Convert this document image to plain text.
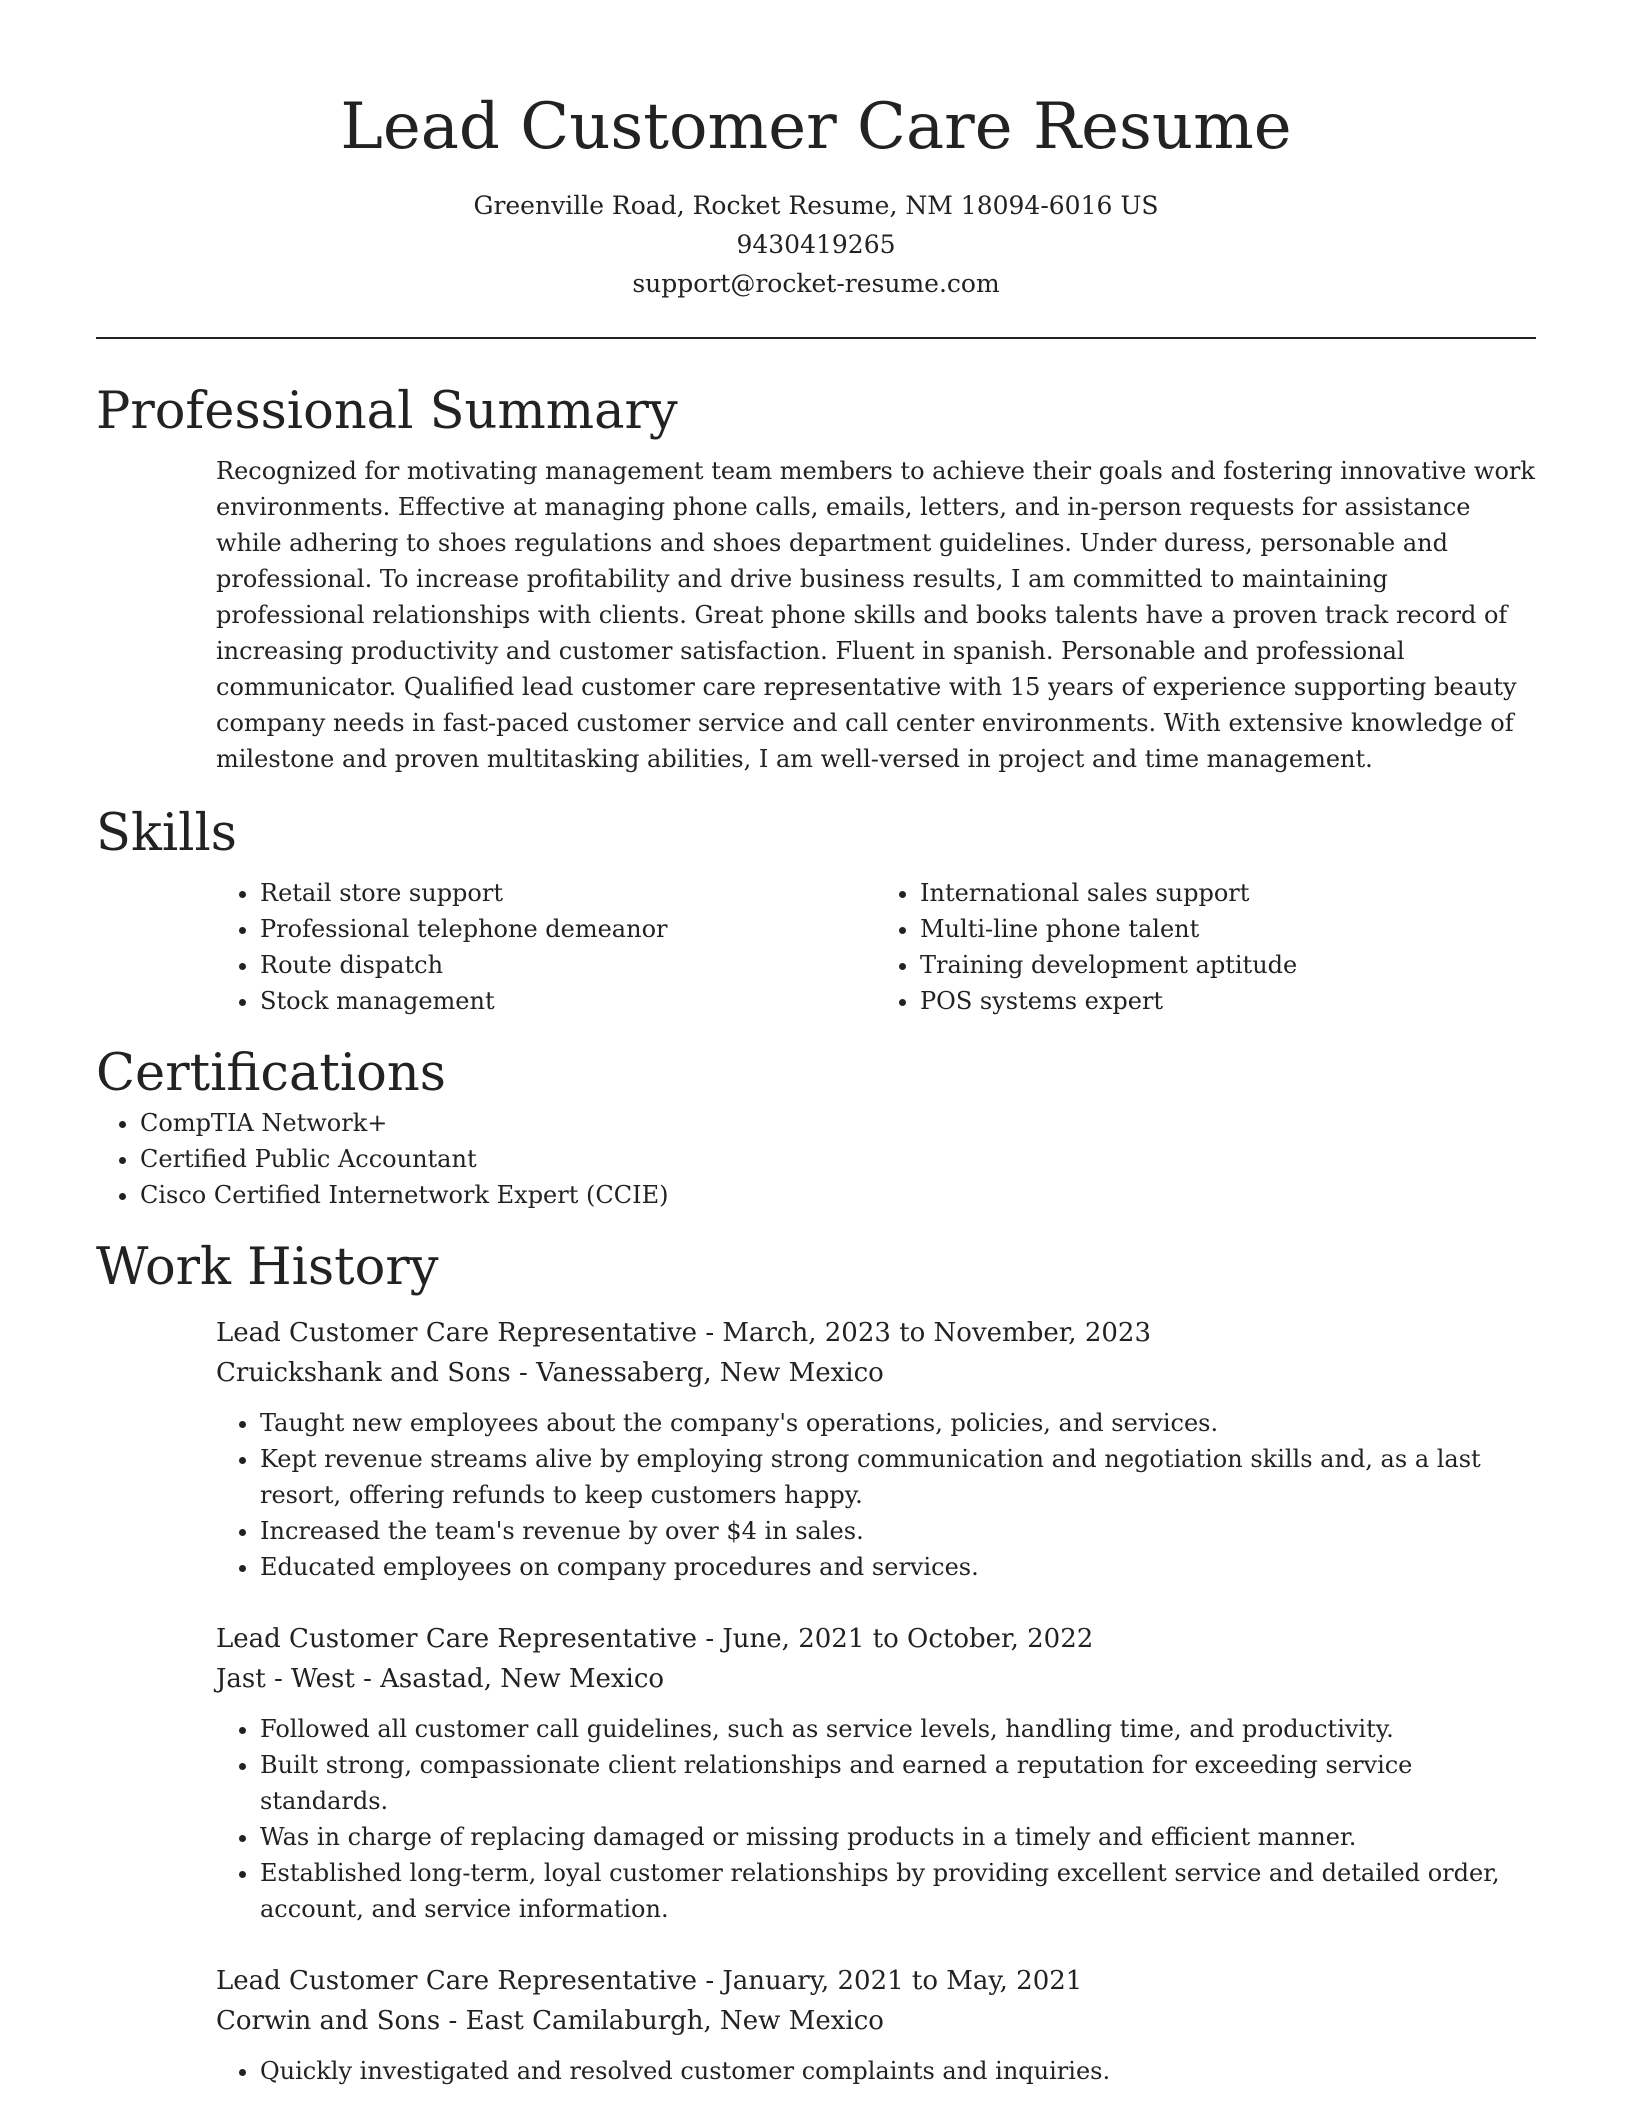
Lead Customer Care Resume
Greenville Road, Rocket Resume, NM 18094-6016 US
9430419265
support@rocket-resume.com
Professional Summary

Recognized for motivating management team members to achieve their goals and fostering innovative work environments. Effective at managing phone calls, emails, letters, and in-person requests for assistance while adhering to shoes regulations and shoes department guidelines. Under duress, personable and professional. To increase profitability and drive business results, I am committed to maintaining professional relationships with clients. Great phone skills and books talents have a proven track record of increasing productivity and customer satisfaction. Fluent in spanish. Personable and professional communicator. Qualified lead customer care representative with 15 years of experience supporting beauty company needs in fast-paced customer service and call center environments. With extensive knowledge of milestone and proven multitasking abilities, I am well-versed in project and time management.

Skills
• Retail store support
• Professional telephone demeanor
• Route dispatch
• Stock management
• International sales support
• Multi-line phone talent
• Training development aptitude
• POS systems expert
Certifications
• CompTIA Network+
• Certified Public Accountant
• Cisco Certified Internetwork Expert (CCIE)
Work History
Lead Customer Care Representative - March, 2023 to November, 2023
Cruickshank and Sons - Vanessaberg, New Mexico
• Taught new employees about the company's operations, policies, and services.
• Kept revenue streams alive by employing strong communication and negotiation skills and, as a last resort, offering refunds to keep customers happy.
• Increased the team's revenue by over $4 in sales.
• Educated employees on company procedures and services.
Lead Customer Care Representative - June, 2021 to October, 2022
Jast - West - Asastad, New Mexico
• Followed all customer call guidelines, such as service levels, handling time, and productivity.
• Built strong, compassionate client relationships and earned a reputation for exceeding service standards.
• Was in charge of replacing damaged or missing products in a timely and efficient manner.
• Established long-term, loyal customer relationships by providing excellent service and detailed order, account, and service information.
Lead Customer Care Representative - January, 2021 to May, 2021
Corwin and Sons - East Camilaburgh, New Mexico
• Quickly investigated and resolved customer complaints and inquiries.
